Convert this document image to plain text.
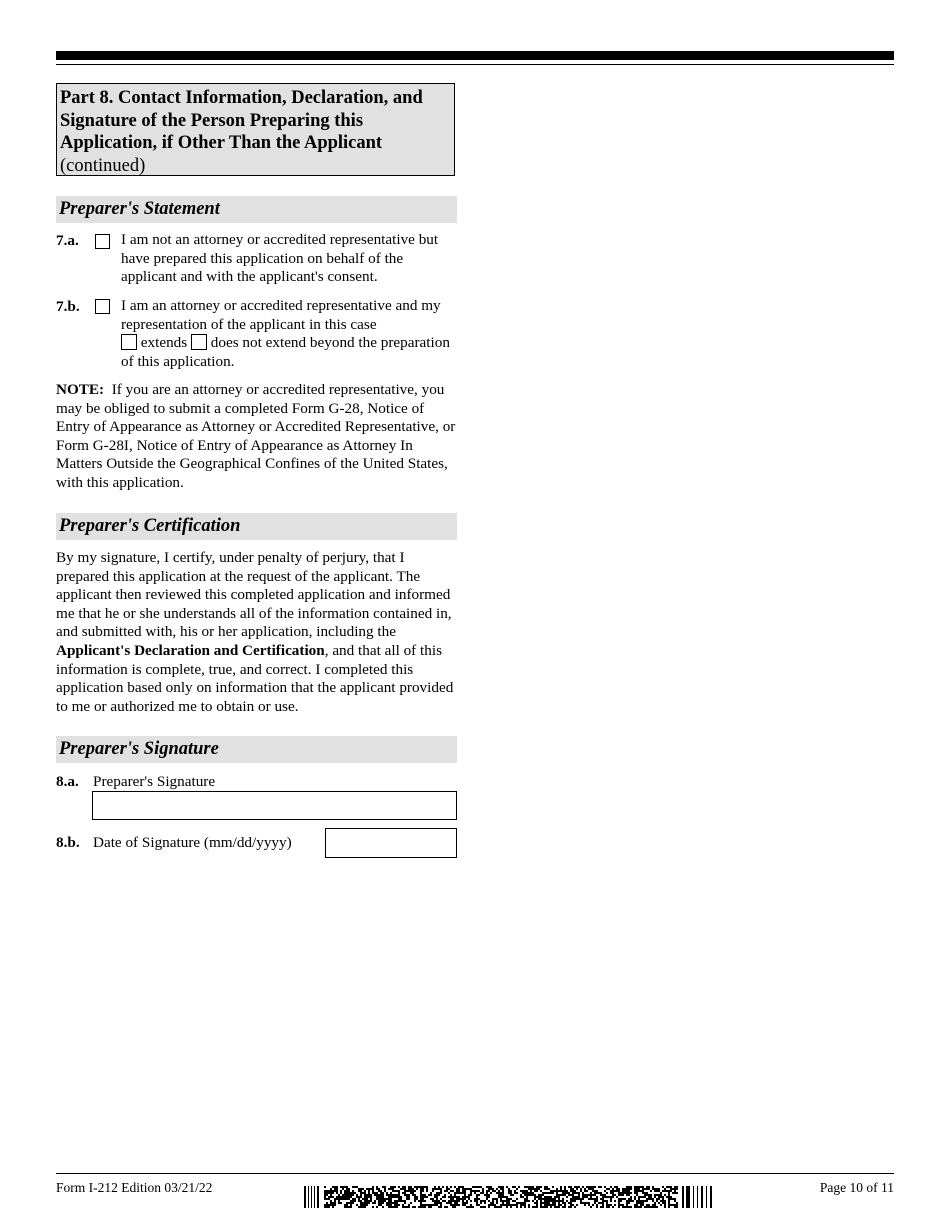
Part 8. Contact Information, Declaration, and Signature of the Person Preparing this Application, if Other Than the Applicant
(continued)
Preparer's Statement
7.a.	I am not an attorney or accredited representative but have prepared this application on behalf of the applicant and with the applicant's consent.
7.b.	I am an attorney or accredited representative and my representation of the applicant in this case
extends does not extend beyond the preparation of this application.
NOTE: If you are an attorney or accredited representative, you may be obliged to submit a completed Form G-28, Notice of Entry of Appearance as Attorney or Accredited Representative, or Form G-28I, Notice of Entry of Appearance as Attorney In Matters Outside the Geographical Confines of the United States, with this application.
Preparer's Certification
By my signature, I certify, under penalty of perjury, that I prepared this application at the request of the applicant. The applicant then reviewed this completed application and informed me that he or she understands all of the information contained in, and submitted with, his or her application, including the Applicant's Declaration and Certification, and that all of this information is complete, true, and correct. I completed this application based only on information that the applicant provided to me or authorized me to obtain or use.
Preparer's Signature
8.a. Preparer's Signature
8.b. Date of Signature (mm/dd/yyyy)
Form I-212 Edition 03/21/22	Page 10 of 11
